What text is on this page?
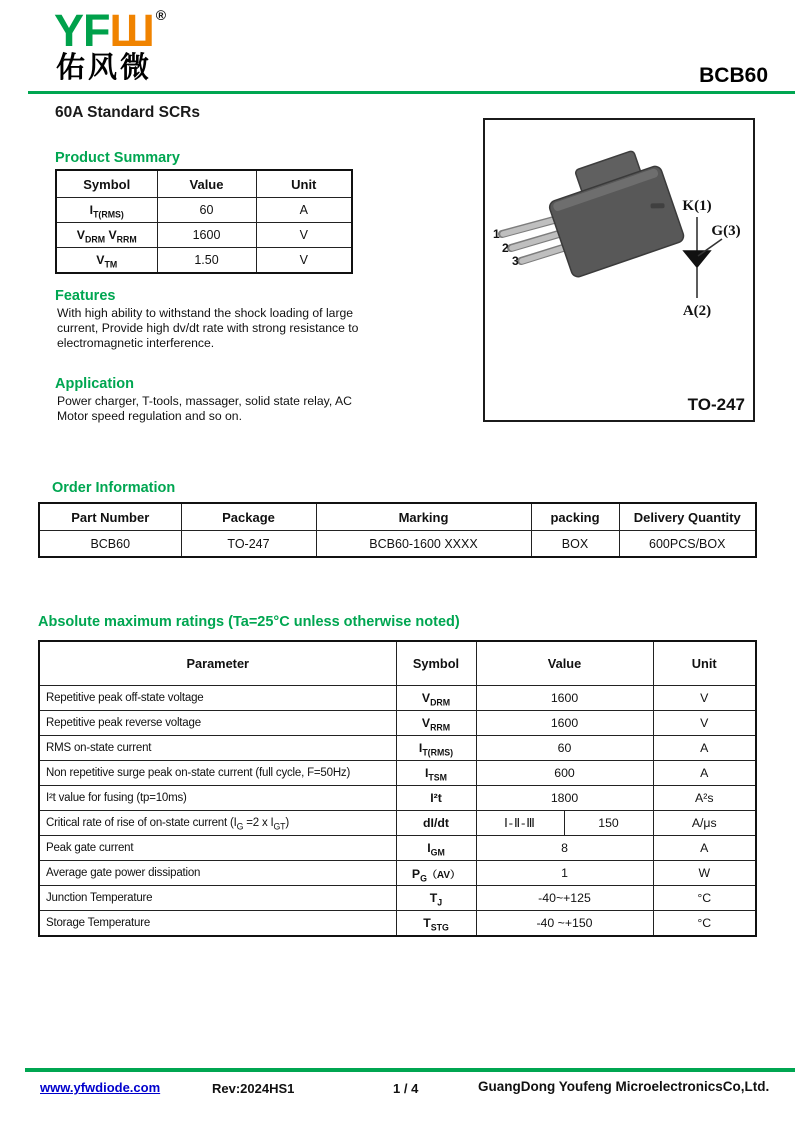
YFШ ®
佑风微	BCB60
60A Standard SCRs
Product Summary
Symbol	Value	Unit
$I_{T(RMS)}$	60	A
$V_{DRM}$ $V_{RRM}$	1600	V
$V_{TM}$	1.50	V
Features
With high ability to withstand the shock loading of large current, Provide high dv/dt rate with strong resistance to electromagnetic interference.
Application
Power charger, T-tools, massager, solid state relay, AC Motor speed regulation and so on.
1
2
3
K(1)
G(3)
A(2)
TO-247
Order Information
Part Number	Package	Marking	packing	Delivery Quantity
BCB60	TO-247	BCB60-1600 XXXX	BOX	600PCS/BOX
Absolute maximum ratings (Ta=25°C unless otherwise noted)
Parameter	Symbol	Value		Unit
Repetitive peak off-state voltage	$V_{DRM}$	1600		V
Repetitive peak reverse voltage	$V_{RRM}$	1600		V
RMS on-state current	$I_{T(RMS)}$	60		A
Non repetitive surge peak on-state current (full cycle, F=50Hz)	$I_{TSM}$	600		A
I²t value for fusing (tp=10ms)	I²t	1800		A²s
Critical rate of rise of on-state current ($I_G =2$ x $I_{GT}$)	dI/dt	Ⅰ-Ⅱ-Ⅲ	150	A/μs
Peak gate current	$I_{GM}$	8		A
Average gate power dissipation	$P_G(AV)$	1		W
Junction Temperature	$T_J$	-40~+125		°C
Storage Temperature	$T_{STG}$	-40 ~+150		°C
www.yfwdiode.com	Rev:2024HS1	1 / 4	GuangDong Youfeng MicroelectronicsCo,Ltd.
